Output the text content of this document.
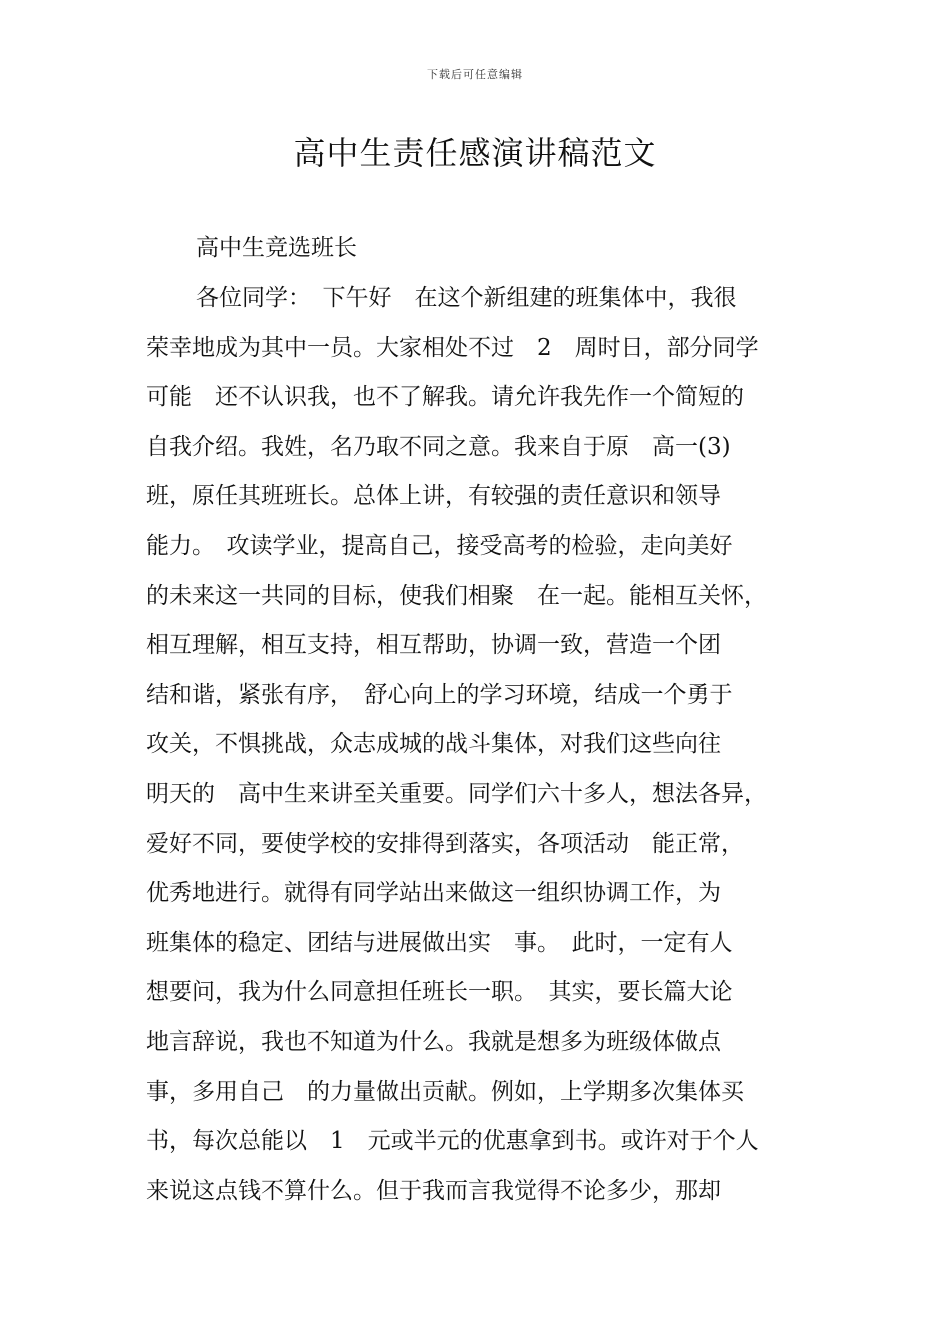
下载后可任意编辑
高中生责任感演讲稿范文
高中生竞选班长
各位同学：　下午好　在这个新组建的班集体中，我很
荣幸地成为其中一员。大家相处不过　2　周时日，部分同学
可能　还不认识我，也不了解我。请允许我先作一个简短的
自我介绍。我姓，名乃取不同之意。我来自于原　高一(3)
班，原任其班班长。总体上讲，有较强的责任意识和领导
能力。　攻读学业，提高自己，接受高考的检验，走向美好
的未来这一共同的目标，使我们相聚　在一起。能相互关怀，
相互理解，相互支持，相互帮助，协调一致，营造一个团
结和谐，紧张有序，　舒心向上的学习环境，结成一个勇于
攻关，不惧挑战，众志成城的战斗集体，对我们这些向往
明天的　高中生来讲至关重要。同学们六十多人，想法各异，
爱好不同，要使学校的安排得到落实，各项活动　能正常，
优秀地进行。就得有同学站出来做这一组织协调工作，为
班集体的稳定、团结与进展做出实　事。　此时，一定有人
想要问，我为什么同意担任班长一职。　其实，要长篇大论
地言辞说，我也不知道为什么。我就是想多为班级体做点
事，多用自己　的力量做出贡献。例如，上学期多次集体买
书，每次总能以　1　元或半元的优惠拿到书。或许对于个人
来说这点钱不算什么。但于我而言我觉得不论多少，那却
